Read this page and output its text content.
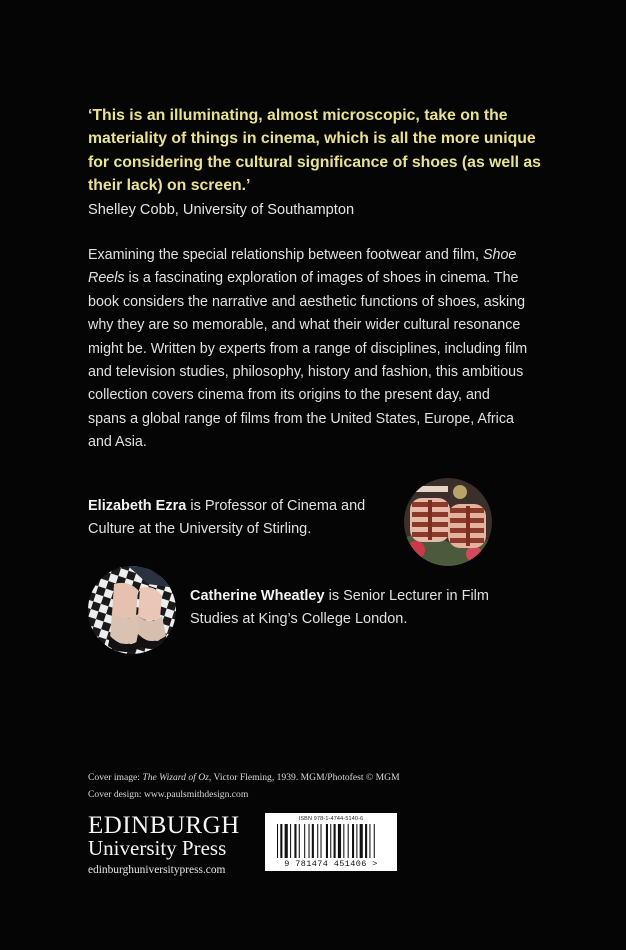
‘This is an illuminating, almost microscopic, take on the materiality of things in cinema, which is all the more unique for considering the cultural significance of shoes (as well as their lack) on screen.’
Shelley Cobb, University of Southampton
Examining the special relationship between footwear and film, Shoe Reels is a fascinating exploration of images of shoes in cinema. The book considers the narrative and aesthetic functions of shoes, asking why they are so memorable, and what their wider cultural resonance might be. Written by experts from a range of disciplines, including film and television studies, philosophy, history and fashion, this ambitious collection covers cinema from its origins to the present day, and spans a global range of films from the United States, Europe, Africa and Asia.
Elizabeth Ezra is Professor of Cinema and Culture at the University of Stirling.
Catherine Wheatley is Senior Lecturer in Film Studies at King’s College London.
Cover image: The Wizard of Oz, Victor Fleming, 1939. MGM/Photofest © MGM
Cover design: www.paulsmithdesign.com
EDINBURGH
University Press
edinburghuniversitypress.com
ISBN 978-1-4744-5140-6
9 781474 451406 >
